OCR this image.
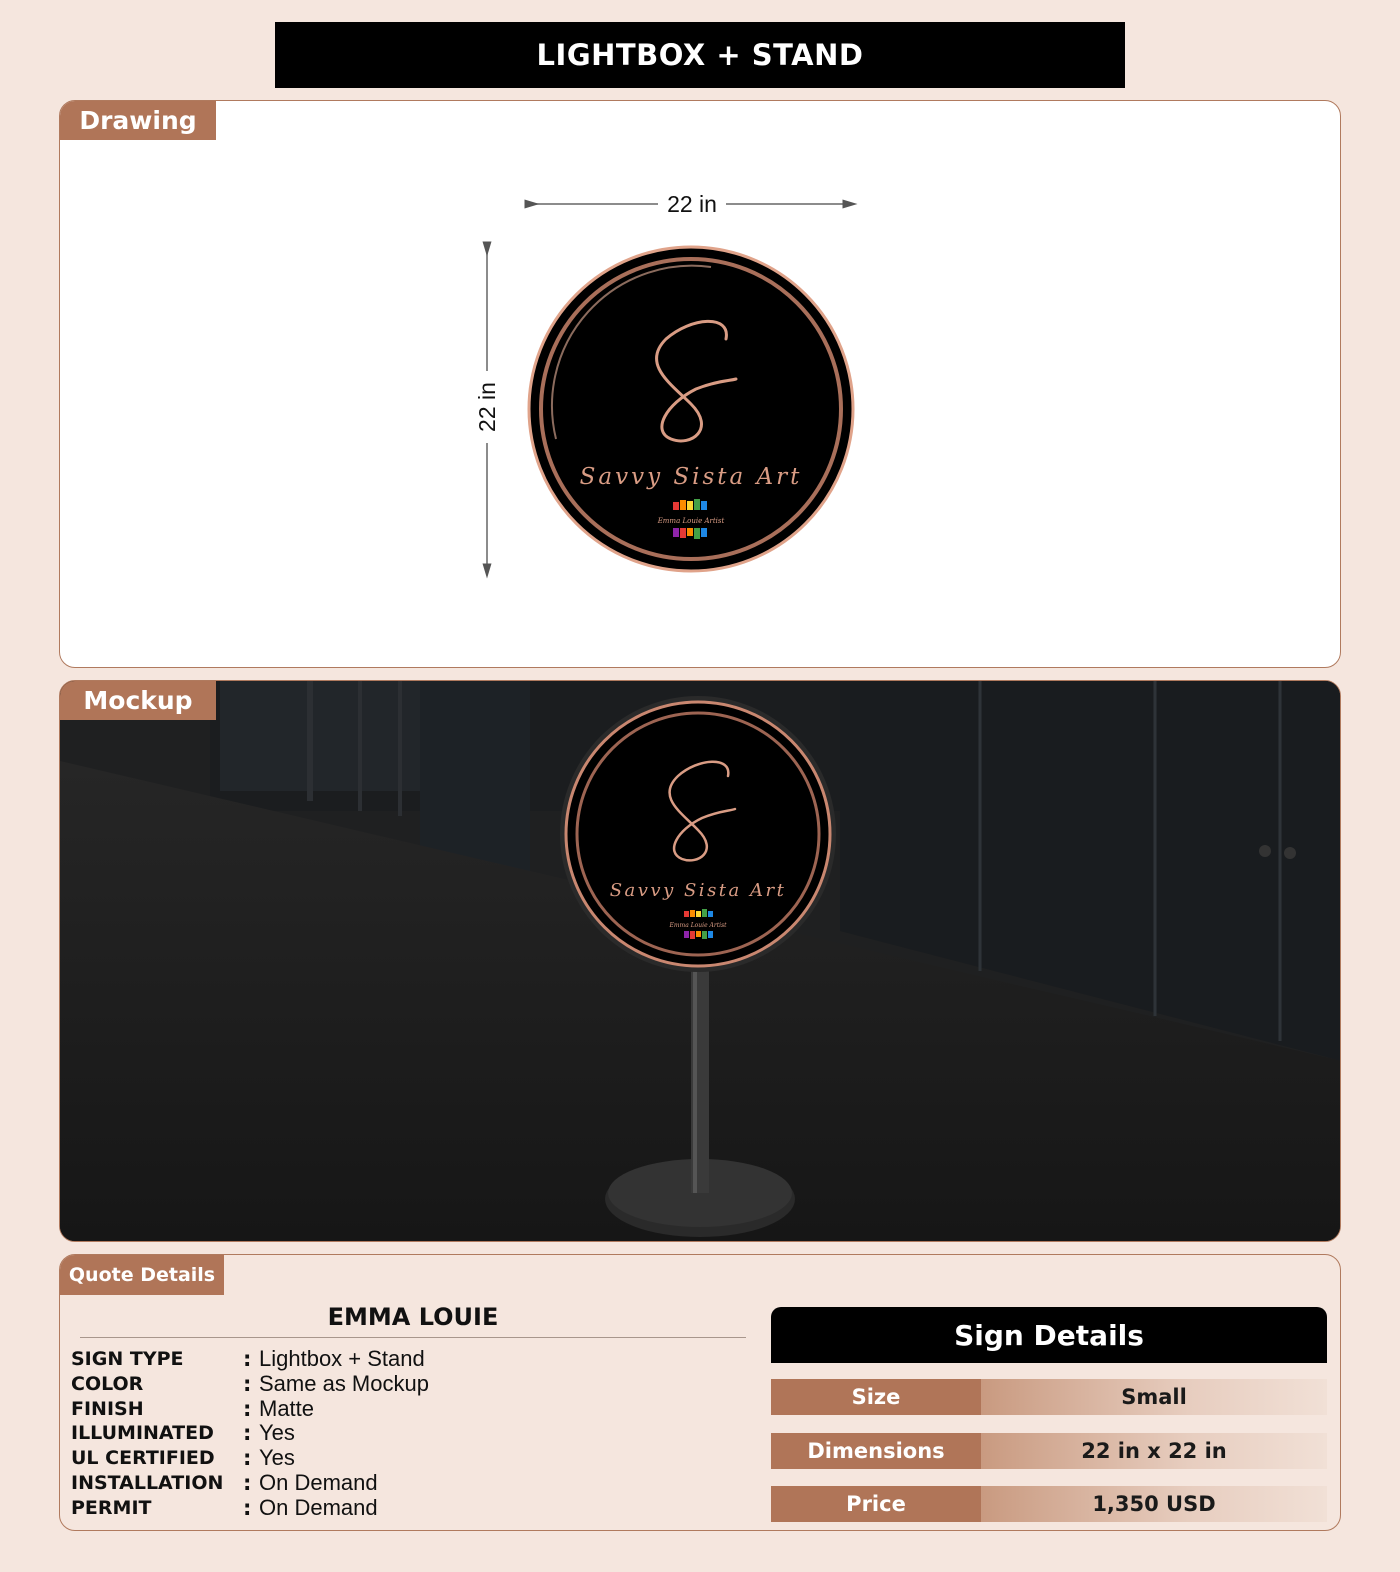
LIGHTBOX + STAND
Drawing
22 in
22 in
Savvy Sista Art
Emma Louie Artist
Mockup
Savvy Sista Art
Emma Louie Artist
Quote Details
EMMA LOUIE
SIGN TYPE	: Lightbox + Stand
COLOR	: Same as Mockup
FINISH	: Matte
ILLUMINATED	: Yes
UL CERTIFIED	: Yes
INSTALLATION : On Demand
PERMIT	: On Demand
Sign Details
Size	Small
Dimensions	22 in x 22 in
Price	1,350 USD
